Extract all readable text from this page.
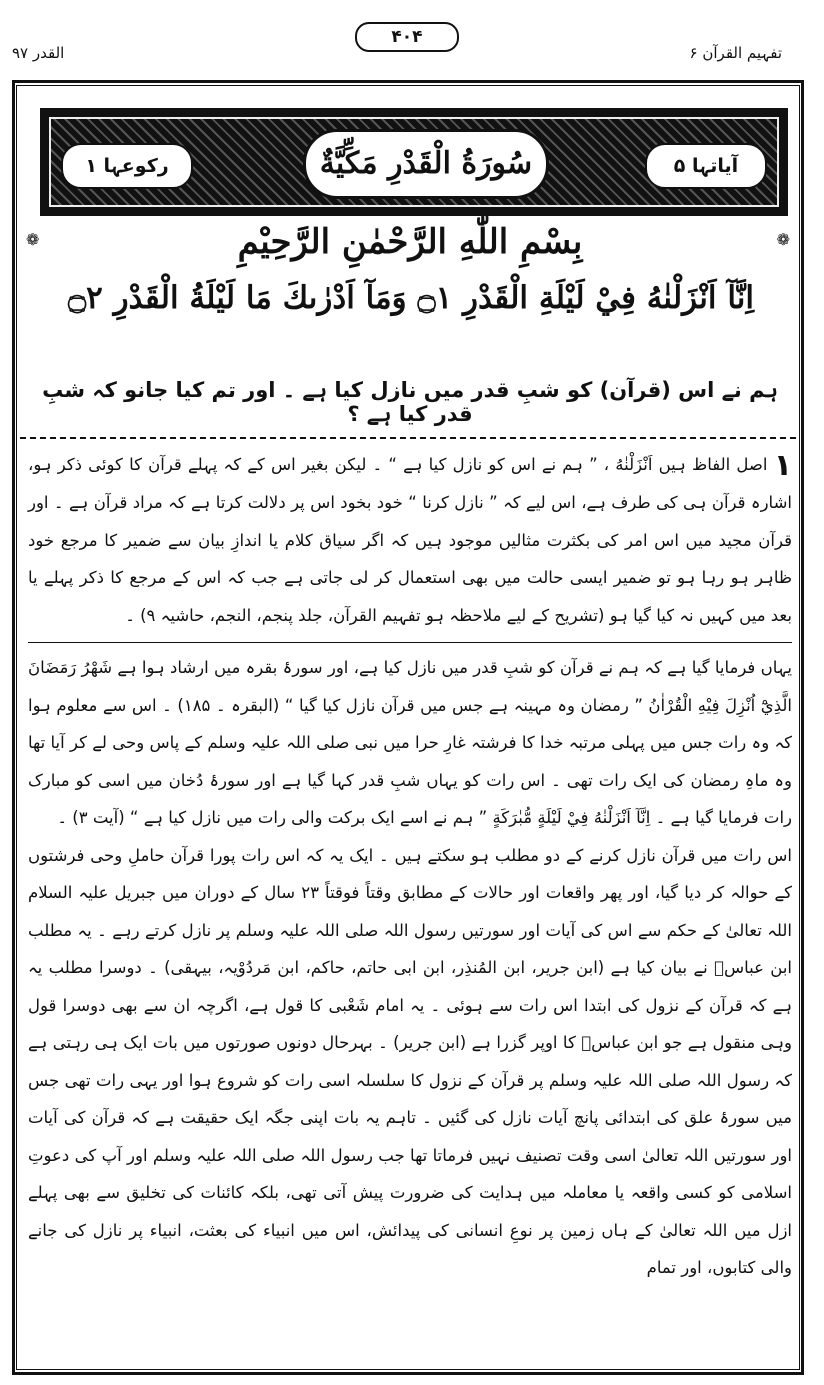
۴۰۴
القدر ۹۷	تفہیم القرآن ۶
رکوعہا ۱	سُورَةُ الْقَدْرِ مَكِّيَّةٌ	آیاتہا ۵
❁	بِسْمِ اللّٰهِ الرَّحْمٰنِ الرَّحِيْمِ	❁
اِنَّآ اَنْزَلْنٰهُ فِيْ لَيْلَةِ الْقَدْرِ ۝١ وَمَآ اَدْرٰىكَ مَا لَيْلَةُ الْقَدْرِ ۝٢
ہم نے اس (قرآن) کو شبِ قدر میں نازل کیا ہے ۔ اور تم کیا جانو کہ شبِ قدر کیا ہے ؟

۱ اصل الفاظ ہیں اَنْزَلْنٰهُ ، ” ہم نے اس کو نازل کیا ہے “ ۔ لیکن بغیر اس کے کہ پہلے قرآن کا کوئی ذکر ہو، اشارہ قرآن ہی کی طرف ہے، اس لیے کہ ” نازل کرنا “ خود بخود اس پر دلالت کرتا ہے کہ مراد قرآن ہے ۔ اور قرآن مجید میں اس امر کی بکثرت مثالیں موجود ہیں کہ اگر سیاق کلام یا اندازِ بیان سے ضمیر کا مرجع خود ظاہر ہو رہا ہو تو ضمیر ایسی حالت میں بھی استعمال کر لی جاتی ہے جب کہ اس کے مرجع کا ذکر پہلے یا بعد میں کہیں نہ کیا گیا ہو (تشریح کے لیے ملاحظہ ہو تفہیم القرآن، جلد پنجم، النجم، حاشیہ ۹) ۔

یہاں فرمایا گیا ہے کہ ہم نے قرآن کو شبِ قدر میں نازل کیا ہے، اور سورۂ بقرہ میں ارشاد ہوا ہے شَهْرُ رَمَضَانَ الَّذِيْٓ اُنْزِلَ فِيْهِ الْقُرْاٰنُ ” رمضان وہ مہینہ ہے جس میں قرآن نازل کیا گیا “ (البقرہ ۔ ۱۸۵) ۔ اس سے معلوم ہوا کہ وہ رات جس میں پہلی مرتبہ خدا کا فرشتہ غارِ حرا میں نبی صلی اللہ علیہ وسلم کے پاس وحی لے کر آیا تھا وہ ماہِ رمضان کی ایک رات تھی ۔ اس رات کو یہاں شبِ قدر کہا گیا ہے اور سورۂ دُخان میں اسی کو مبارک رات فرمایا گیا ہے ۔ اِنَّآ اَنْزَلْنٰهُ فِيْ لَيْلَةٍ مُّبٰرَكَةٍ ” ہم نے اسے ایک برکت والی رات میں نازل کیا ہے “ (آیت ۳) ۔

اس رات میں قرآن نازل کرنے کے دو مطلب ہو سکتے ہیں ۔ ایک یہ کہ اس رات پورا قرآن حاملِ وحی فرشتوں کے حوالہ کر دیا گیا، اور پھر واقعات اور حالات کے مطابق وقتاً فوقتاً ۲۳ سال کے دوران میں جبریل علیہ السلام اللہ تعالیٰ کے حکم سے اس کی آیات اور سورتیں رسول اللہ صلی اللہ علیہ وسلم پر نازل کرتے رہے ۔ یہ مطلب ابن عباسؓ نے بیان کیا ہے (ابن جریر، ابن المُنذِر، ابن ابی حاتم، حاکم، ابن مَردُوْیہ، بیہقی) ۔ دوسرا مطلب یہ ہے کہ قرآن کے نزول کی ابتدا اس رات سے ہوئی ۔ یہ امام شَعْبی کا قول ہے، اگرچہ ان سے بھی دوسرا قول وہی منقول ہے جو ابن عباسؓ کا اوپر گزرا ہے (ابن جریر) ۔ بہرحال دونوں صورتوں میں بات ایک ہی رہتی ہے کہ رسول اللہ صلی اللہ علیہ وسلم پر قرآن کے نزول کا سلسلہ اسی رات کو شروع ہوا اور یہی رات تھی جس میں سورۂ علق کی ابتدائی پانچ آیات نازل کی گئیں ۔ تاہم یہ بات اپنی جگہ ایک حقیقت ہے کہ قرآن کی آیات اور سورتیں اللہ تعالیٰ اسی وقت تصنیف نہیں فرماتا تھا جب رسول اللہ صلی اللہ علیہ وسلم اور آپ کی دعوتِ اسلامی کو کسی واقعہ یا معاملہ میں ہدایت کی ضرورت پیش آتی تھی، بلکہ کائنات کی تخلیق سے بھی پہلے ازل میں اللہ تعالیٰ کے ہاں زمین پر نوعِ انسانی کی پیدائش، اس میں انبیاء کی بعثت، انبیاء پر نازل کی جانے والی کتابوں، اور تمام
